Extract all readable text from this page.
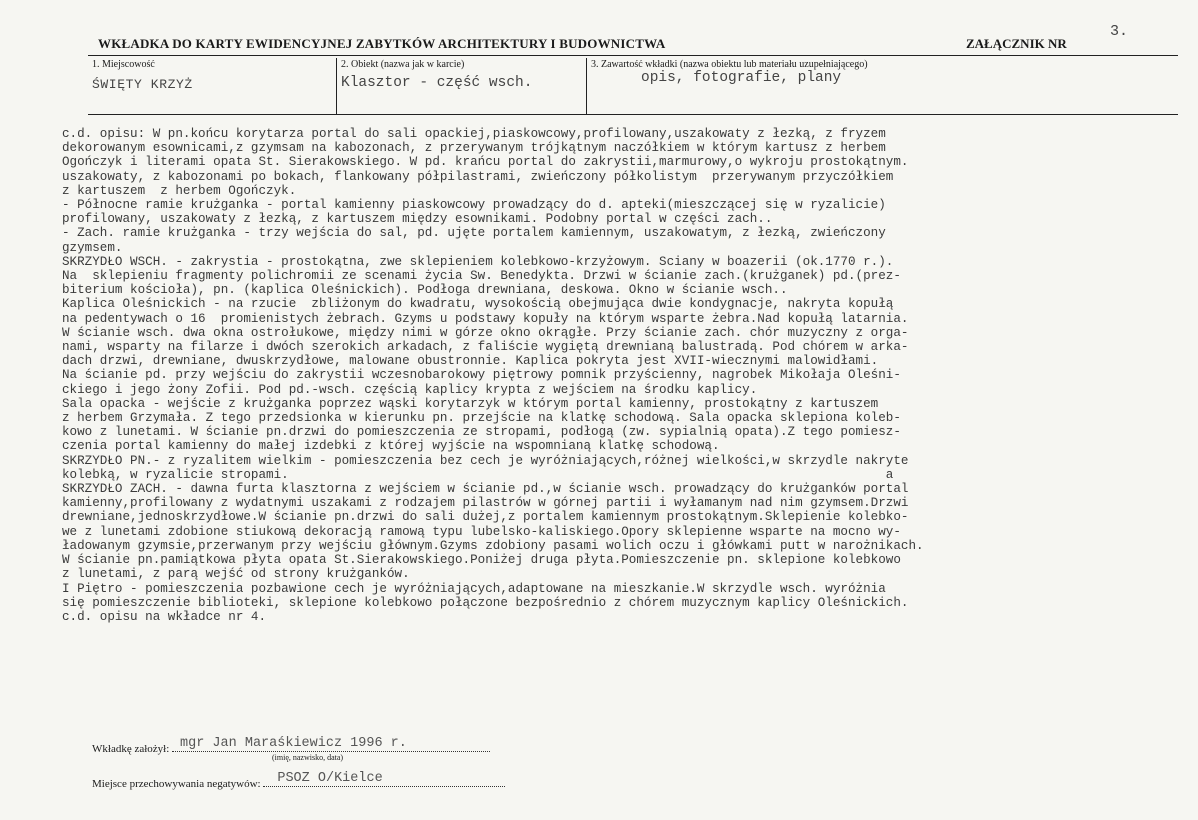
WKŁADKA DO KARTY EWIDENCYJNEJ ZABYTKÓW ARCHITEKTURY I BUDOWNICTWA	ZAŁĄCZNIK NR
3.
1. Miejscowość
ŚWIĘTY KRZYŻ
2. Obiekt (nazwa jak w karcie)
Klasztor - część wsch.
3. Zawartość wkładki (nazwa obiektu lub materiału uzupełniającego)
opis, fotografie, plany
c.d. opisu: W pn.końcu korytarza portal do sali opackiej,piaskowcowy,profilowany,uszakowaty z łezką, z fryzem
dekorowanym esownicami,z gzymsam na kabozonach, z przerywanym trójkątnym naczółkiem w którym kartusz z herbem
Ogończyk i literami opata St. Sierakowskiego. W pd. krańcu portal do zakrystii,marmurowy,o wykroju prostokątnym.
uszakowaty, z kabozonami po bokach, flankowany półpilastrami, zwieńczony półkolistym  przerywanym przyczółkiem
z kartuszem  z herbem Ogończyk.
- Północne ramie krużganka - portal kamienny piaskowcowy prowadzący do d. apteki(mieszczącej się w ryzalicie)
profilowany, uszakowaty z łezką, z kartuszem między esownikami. Podobny portal w części zach..
- Zach. ramie krużganka - trzy wejścia do sal, pd. ujęte portalem kamiennym, uszakowatym, z łezką, zwieńczony
gzymsem.
SKRZYDŁO WSCH. - zakrystia - prostokątna, zwe sklepieniem kolebkowo-krzyżowym. Sciany w boazerii (ok.1770 r.).
Na  sklepieniu fragmenty polichromii ze scenami życia Sw. Benedykta. Drzwi w ścianie zach.(krużganek) pd.(prez-
biterium kościoła), pn. (kaplica Oleśnickich). Podłoga drewniana, deskowa. Okno w ścianie wsch..
Kaplica Oleśnickich - na rzucie  zbliżonym do kwadratu, wysokością obejmująca dwie kondygnacje, nakryta kopułą
na pedentywach o 16  promienistych żebrach. Gzyms u podstawy kopuły na którym wsparte żebra.Nad kopułą latarnia.
W ścianie wsch. dwa okna ostrołukowe, między nimi w górze okno okrągłe. Przy ścianie zach. chór muzyczny z orga-
nami, wsparty na filarze i dwóch szerokich arkadach, z faliście wygiętą drewnianą balustradą. Pod chórem w arka-
dach drzwi, drewniane, dwuskrzydłowe, malowane obustronnie. Kaplica pokryta jest XVII-wiecznymi malowidłami.
Na ścianie pd. przy wejściu do zakrystii wczesnobarokowy piętrowy pomnik przyścienny, nagrobek Mikołaja Oleśni-
ckiego i jego żony Zofii. Pod pd.-wsch. częścią kaplicy krypta z wejściem na środku kaplicy.
Sala opacka - wejście z krużganka poprzez wąski korytarzyk w którym portal kamienny, prostokątny z kartuszem
z herbem Grzymała. Z tego przedsionka w kierunku pn. przejście na klatkę schodową. Sala opacka sklepiona koleb-
kowo z lunetami. W ścianie pn.drzwi do pomieszczenia ze stropami, podłogą (zw. sypialnią opata).Z tego pomiesz-
czenia portal kamienny do małej izdebki z której wyjście na wspomnianą klatkę schodową.
SKRZYDŁO PN.- z ryzalitem wielkim - pomieszczenia bez cech je wyróżniających,różnej wielkości,w skrzydle nakryte
kolebką, w ryzalicie stropami.                                                                               a
SKRZYDŁO ZACH. - dawna furta klasztorna z wejściem w ścianie pd.,w ścianie wsch. prowadzący do krużganków portal
kamienny,profilowany z wydatnymi uszakami z rodzajem pilastrów w górnej partii i wyłamanym nad nim gzymsem.Drzwi
drewniane,jednoskrzydłowe.W ścianie pn.drzwi do sali dużej,z portalem kamiennym prostokątnym.Sklepienie kolebko-
we z lunetami zdobione stiukową dekoracją ramową typu lubelsko-kaliskiego.Opory sklepienne wsparte na mocno wy-
ładowanym gzymsie,przerwanym przy wejściu głównym.Gzyms zdobiony pasami wolich oczu i główkami putt w narożnikach.
W ścianie pn.pamiątkowa płyta opata St.Sierakowskiego.Poniżej druga płyta.Pomieszczenie pn. sklepione kolebkowo
z lunetami, z parą wejść od strony krużganków.
I Piętro - pomieszczenia pozbawione cech je wyróżniających,adaptowane na mieszkanie.W skrzydle wsch. wyróżnia
się pomieszczenie biblioteki, sklepione kolebkowo połączone bezpośrednio z chórem muzycznym kaplicy Oleśnickich.
c.d. opisu na wkładce nr 4.
Wkładkę założył: mgr Jan Maraśkiewicz 1996 r.
(imię, nazwisko, data)
Miejsce przechowywania negatywów: PSOZ O/Kielce
